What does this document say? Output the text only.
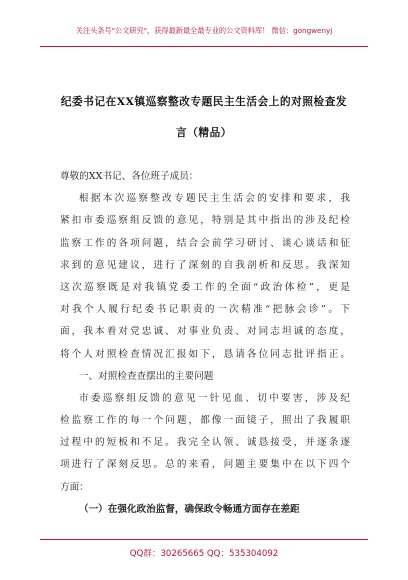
关注头条号"公文研究"，获得最新最全最专业的公文资料库！ 微信：gongwenyj
纪委书记在XX镇巡察整改专题民主生活会上的对照检查发
言（精品）
尊敬的XX书记、各位班子成员：
根据本次巡察整改专题民主生活会的安排和要求，我
紧扣市委巡察组反馈的意见，特别是其中指出的涉及纪检
监察工作的各项问题，结合会前学习研讨、谈心谈话和征
求到的意见建议，进行了深刻的自我剖析和反思。我深知
这次巡察既是对我镇党委工作的全面“政治体检”，更是
对我个人履行纪委书记职责的一次精准“把脉会诊”。下
面，我本着对党忠诚、对事业负责、对同志坦诚的态度，
将个人对照检查情况汇报如下，恳请各位同志批评指正。
一、对照检查查摆出的主要问题
市委巡察组反馈的意见一针见血、切中要害，涉及纪
检监察工作的每一个问题，都像一面镜子，照出了我履职
过程中的短板和不足。我完全认领、诚恳接受，并逐条逐
项进行了深刻反思。总的来看，问题主要集中在以下四个
方面：
（一）在强化政治监督，确保政令畅通方面存在差距
QQ群：30265665 QQ：535304092
